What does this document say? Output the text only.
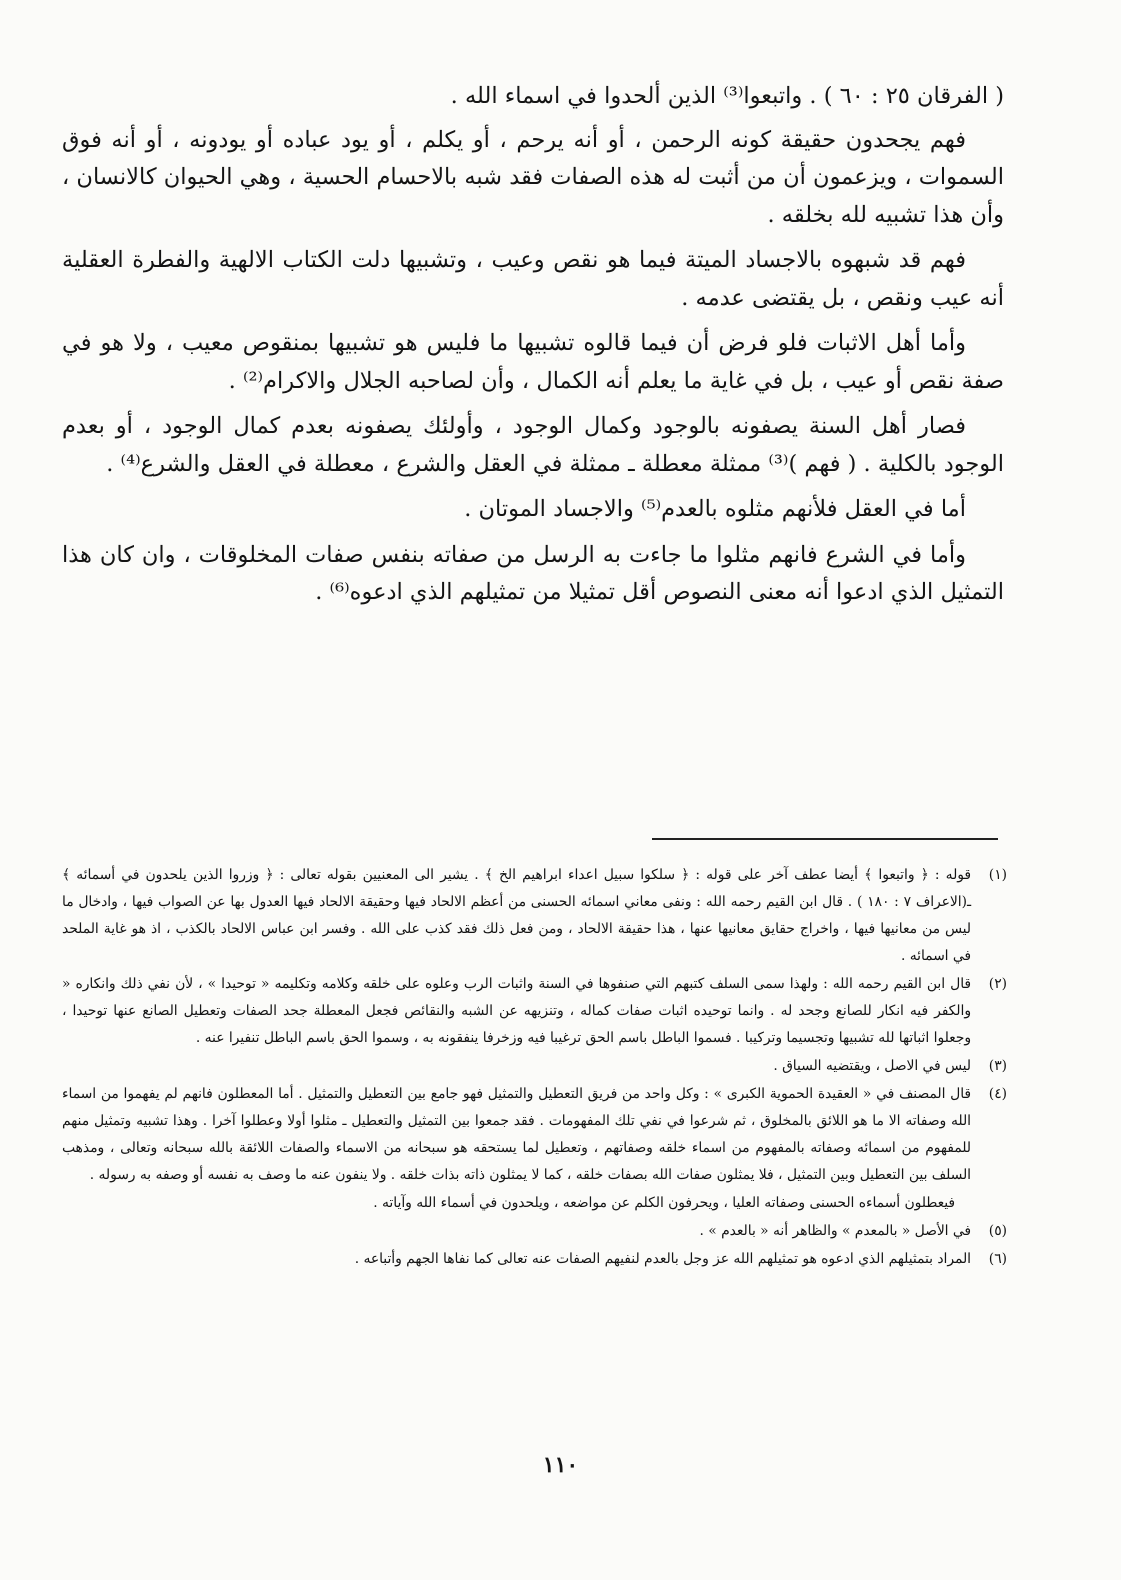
( الفرقان ٢٥ : ٦٠ ) . واتبعوا⁽³⁾ الذين ألحدوا في اسماء الله .

فهم يجحدون حقيقة كونه الرحمن ، أو أنه يرحم ، أو يكلم ، أو يود عباده أو يودونه ، أو أنه فوق السموات ، ويزعمون أن من أثبت له هذه الصفات فقد شبه بالاحسام الحسية ، وهي الحيوان كالانسان ، وأن هذا تشبيه لله بخلقه .

فهم قد شبهوه بالاجساد الميتة فيما هو نقص وعيب ، وتشبيها دلت الكتاب الالهية والفطرة العقلية أنه عيب ونقص ، بل يقتضى عدمه .

وأما أهل الاثبات فلو فرض أن فيما قالوه تشبيها ما فليس هو تشبيها بمنقوص معيب ، ولا هو في صفة نقص أو عيب ، بل في غاية ما يعلم أنه الكمال ، وأن لصاحبه الجلال والاكرام⁽²⁾ .

فصار أهل السنة يصفونه بالوجود وكمال الوجود ، وأولئك يصفونه بعدم كمال الوجود ، أو بعدم الوجود بالكلية . ( فهم )⁽³⁾ ممثلة معطلة ـ ممثلة في العقل والشرع ، معطلة في العقل والشرع⁽⁴⁾ .

أما في العقل فلأنهم مثلوه بالعدم⁽⁵⁾ والاجساد الموتان .

وأما في الشرع فانهم مثلوا ما جاءت به الرسل من صفاته بنفس صفات المخلوقات ، وان كان هذا التمثيل الذي ادعوا أنه معنى النصوص أقل تمثيلا من تمثيلهم الذي ادعوه⁽⁶⁾ .

(١)
قوله : ﴿ واتبعوا ﴾ أيضا عطف آخر على قوله : ﴿ سلكوا سبيل اعداء ابراهيم الخ ﴾ . يشير الى المعنيين بقوله تعالى : ﴿ وزروا الذين يلحدون في أسمائه ﴾ ـ(الاعراف ٧ : ١٨٠ ) . قال ابن القيم رحمه الله : ونفى معاني اسمائه الحسنى من أعظم الالحاد فيها وحقيقة الالحاد فيها العدول بها عن الصواب فيها ، وادخال ما ليس من معانيها فيها ، واخراج حقايق معانيها عنها ، هذا حقيقة الالحاد ، ومن فعل ذلك فقد كذب على الله . وفسر ابن عباس الالحاد بالكذب ، اذ هو غاية الملحد في اسمائه .
(٢)
قال ابن القيم رحمه الله : ولهذا سمى السلف كتبهم التي صنفوها في السنة واثبات الرب وعلوه على خلقه وكلامه وتكليمه « توحيدا » ، لأن نفي ذلك وانكاره « والكفر فيه انكار للصانع وجحد له . وانما توحيده اثبات صفات كماله ، وتنزيهه عن الشبه والنقائص فجعل المعطلة جحد الصفات وتعطيل الصانع عنها توحيدا ، وجعلوا اثباتها لله تشبيها وتجسيما وتركيبا . فسموا الباطل باسم الحق ترغيبا فيه وزخرفا ينفقونه به ، وسموا الحق باسم الباطل تنفيرا عنه .
(٣)
ليس في الاصل ، ويقتضيه السياق .
(٤)
قال المصنف في « العقيدة الحموية الكبرى » : وكل واحد من فريق التعطيل والتمثيل فهو جامع بين التعطيل والتمثيل . أما المعطلون فانهم لم يفهموا من اسماء الله وصفاته الا ما هو اللائق بالمخلوق ، ثم شرعوا في نفي تلك المفهومات . فقد جمعوا بين التمثيل والتعطيل ـ مثلوا أولا وعطلوا آخرا . وهذا تشبيه وتمثيل منهم للمفهوم من اسمائه وصفاته بالمفهوم من اسماء خلقه وصفاتهم ، وتعطيل لما يستحقه هو سبحانه من الاسماء والصفات اللائقة بالله سبحانه وتعالى ، ومذهب السلف بين التعطيل وبين التمثيل ، فلا يمثلون صفات الله بصفات خلقه ، كما لا يمثلون ذاته بذات خلقه . ولا ينفون عنه ما وصف به نفسه أو وصفه به رسوله .
فيعطلون أسماءه الحسنى وصفاته العليا ، ويحرفون الكلم عن مواضعه ، ويلحدون في أسماء الله وآياته .
(٥)
في الأصل « بالمعدم » والظاهر أنه « بالعدم » .
(٦)
المراد بتمثيلهم الذي ادعوه هو تمثيلهم الله عز وجل بالعدم لنفيهم الصفات عنه تعالى كما نفاها الجهم وأتباعه .
١١٠
